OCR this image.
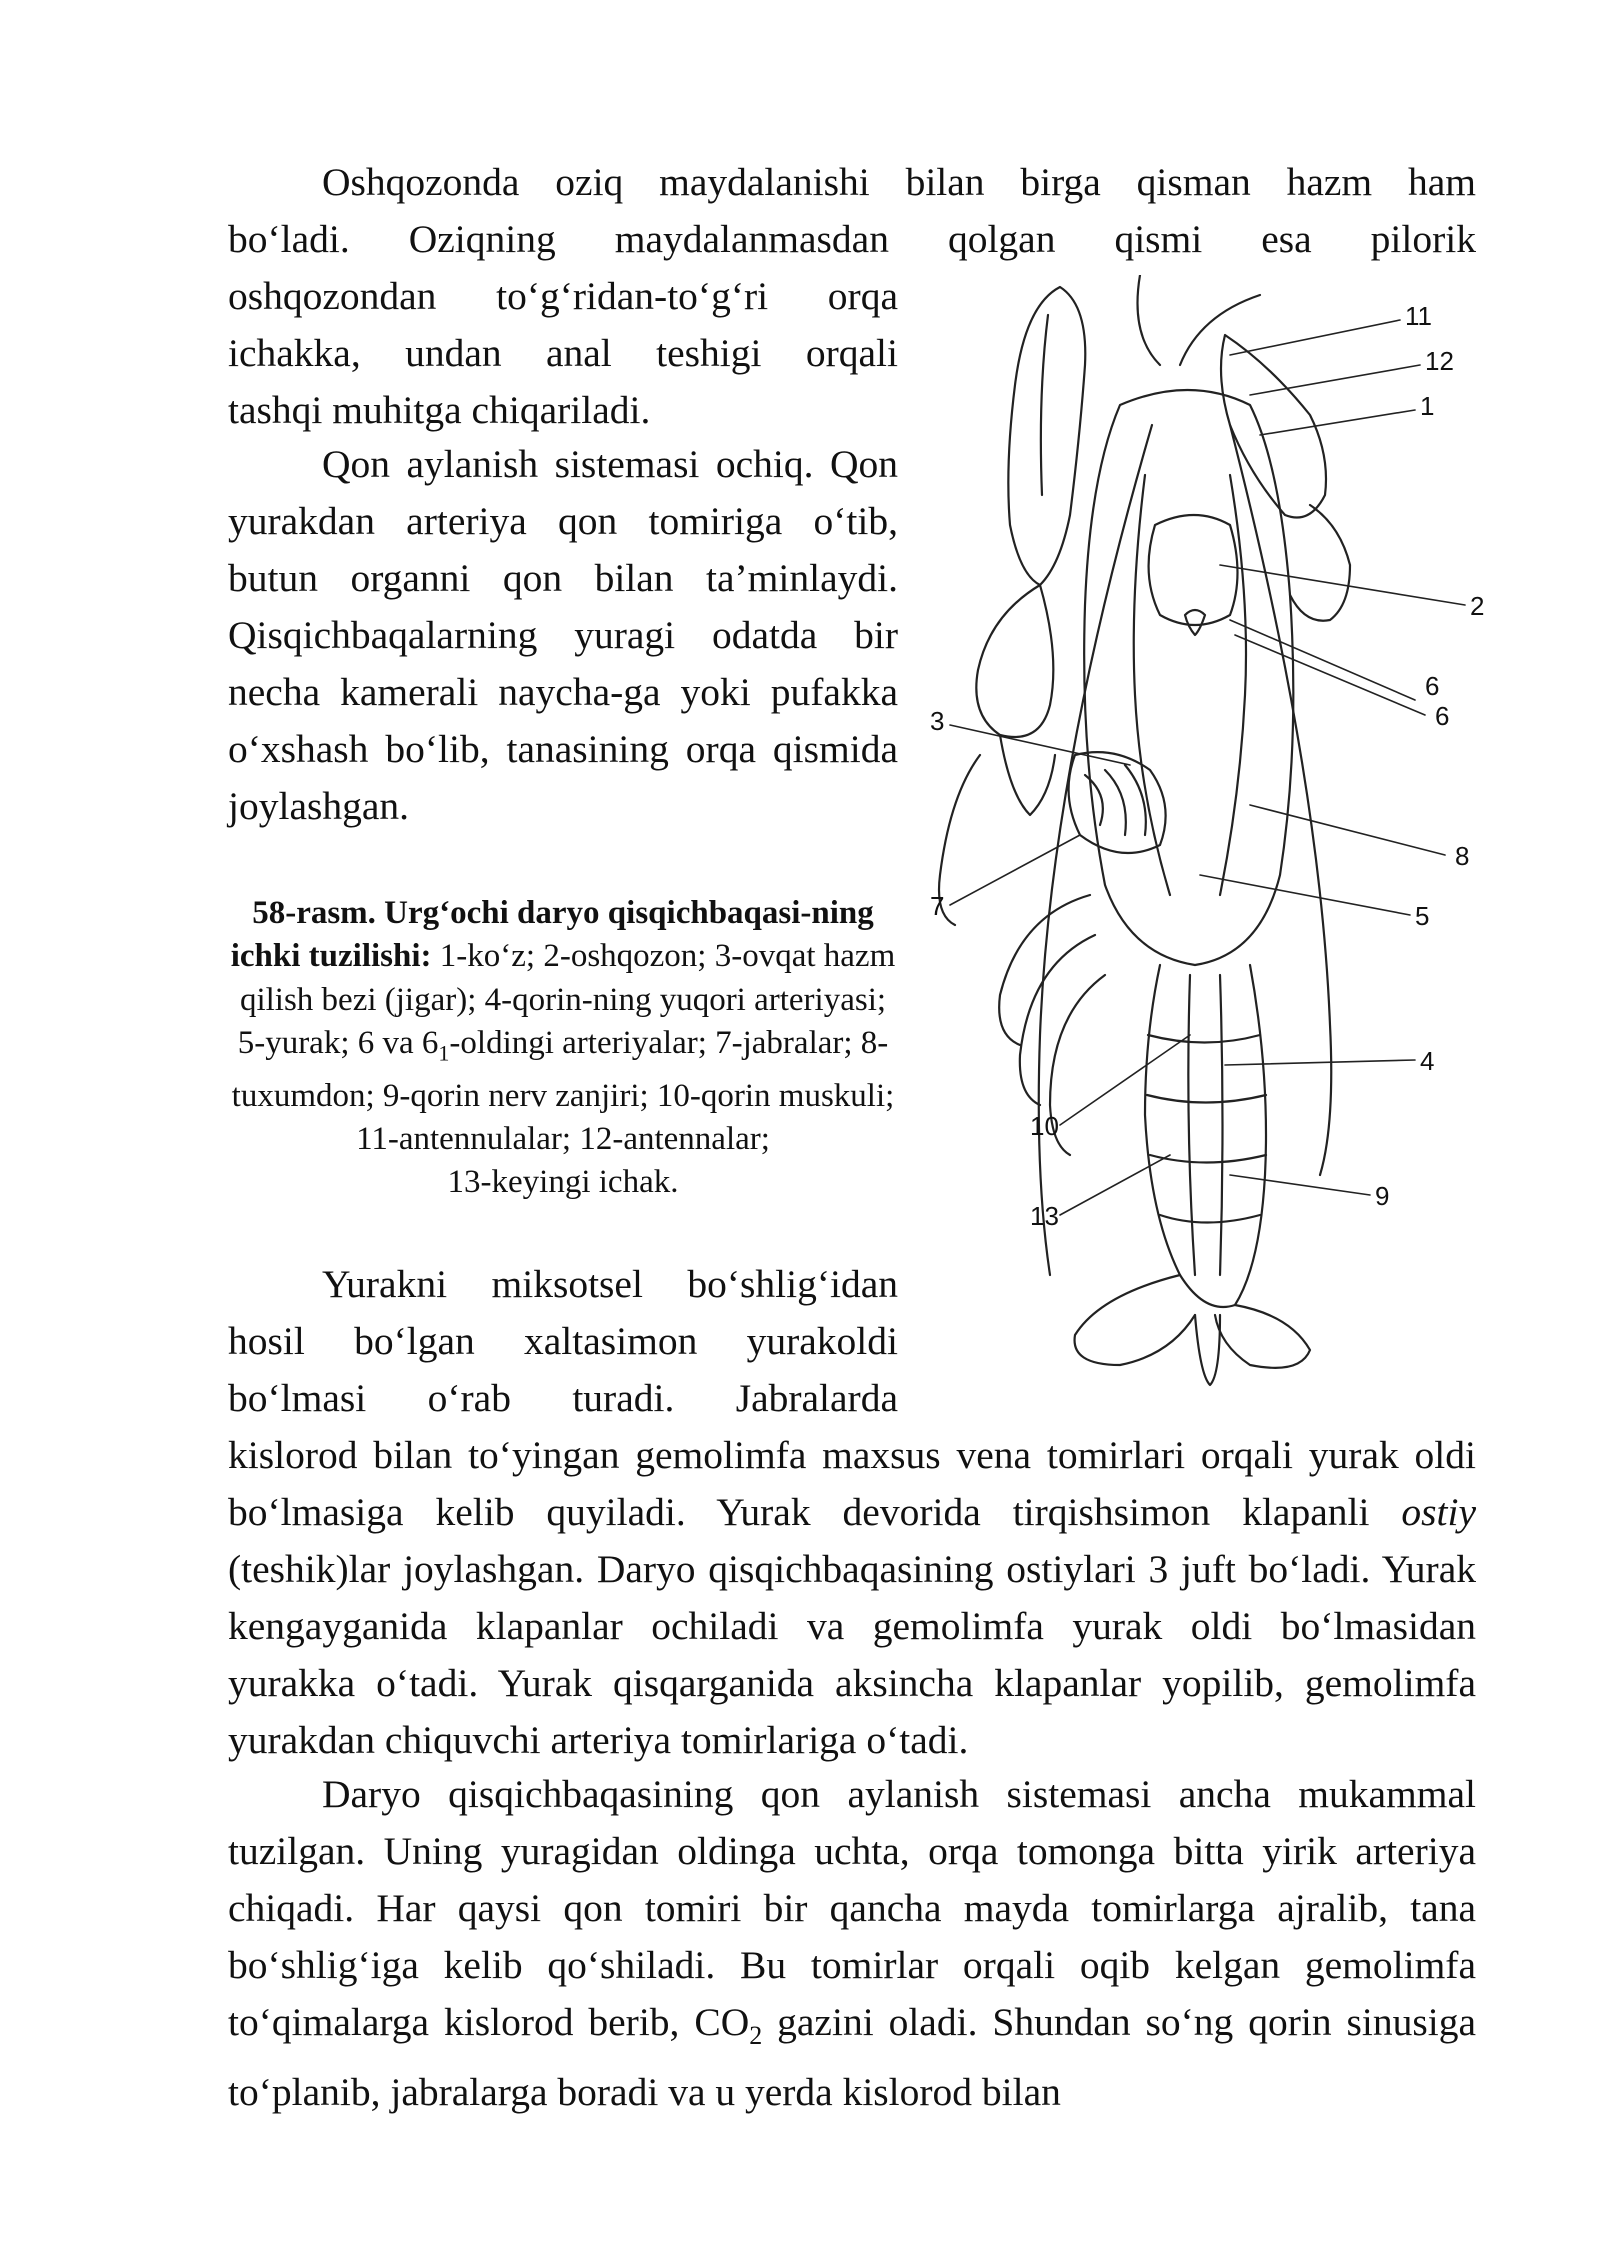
Oshqozonda oziq maydalanishi bilan birga qisman hazm ham

bo‘ladi. Oziqning maydalanmasdan qolgan qismi esa pilorik

oshqozondan to‘g‘ridan-to‘g‘ri orqa

ichakka, undan anal teshigi orqali

tashqi muhitga chiqariladi.

Qon aylanish sistemasi ochiq. Qon yurakdan arteriya qon tomiriga o‘tib, butun organni qon bilan ta’minlaydi. Qisqichbaqalarning yuragi odatda bir necha kamerali naycha-ga yoki pufakka o‘xshash bo‘lib, tanasining orqa qismida joylashgan.

58-rasm. Urg‘ochi daryo qisqichbaqasi-ning ichki tuzilishi: 1-ko‘z; 2-oshqozon; 3-ovqat hazm qilish bezi (jigar); 4-qorin-ning yuqori arteriyasi; 5-yurak; 6 va $6_1$-oldingi arteriyalar; 7-jabralar; 8-tuxumdon; 9-qorin nerv zanjiri; 10-qorin muskuli; 11-antennulalar; 12-antennalar;
13-keyingi ichak.

Yurakni miksotsel bo‘shlig‘idan hosil bo‘lgan xaltasimon yurakoldi bo‘lmasi o‘rab turadi. Jabralarda

kislorod bilan to‘yingan gemolimfa maxsus vena tomirlari orqali yurak oldi bo‘lmasiga kelib quyiladi. Yurak devorida tirqishsimon klapanli ostiy (teshik)lar joylashgan. Daryo qisqichbaqasining ostiylari 3 juft bo‘ladi. Yurak kengayganida klapanlar ochiladi va gemolimfa yurak oldi bo‘lmasidan yurakka o‘tadi. Yurak qisqarganida aksincha klapanlar yopilib, gemolimfa yurakdan chiquvchi arteriya tomirlariga o‘tadi.

Daryo qisqichbaqasining qon aylanish sistemasi ancha mukammal tuzilgan. Uning yuragidan oldinga uchta, orqa tomonga bitta yirik arteriya chiqadi. Har qaysi qon tomiri bir qancha mayda tomirlarga ajralib, tana bo‘shlig‘iga kelib qo‘shiladi. Bu tomirlar orqali oqib kelgan gemolimfa to‘qimalarga kislorod berib, $CO_2$ gazini oladi. Shundan so‘ng qorin sinusiga to‘planib, jabralarga boradi va u yerda kislorod bilan

11
12
1
2
6
6
3
8
7	5
4
10
13
9
